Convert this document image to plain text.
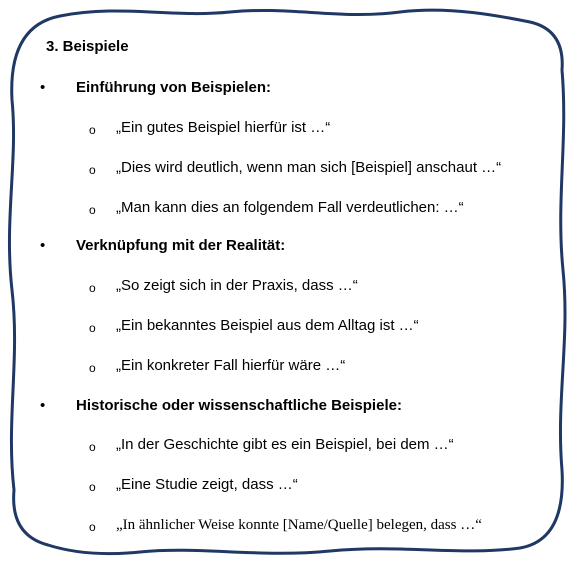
3. Beispiele
• Einführung von Beispielen:
o „Ein gutes Beispiel hierfür ist …“
o „Dies wird deutlich, wenn man sich [Beispiel] anschaut …“
o „Man kann dies an folgendem Fall verdeutlichen: …“
• Verknüpfung mit der Realität:
o „So zeigt sich in der Praxis, dass …“
o „Ein bekanntes Beispiel aus dem Alltag ist …“
o „Ein konkreter Fall hierfür wäre …“
• Historische oder wissenschaftliche Beispiele:
o „In der Geschichte gibt es ein Beispiel, bei dem …“
o „Eine Studie zeigt, dass …“
o „In ähnlicher Weise konnte [Name/Quelle] belegen, dass …“
